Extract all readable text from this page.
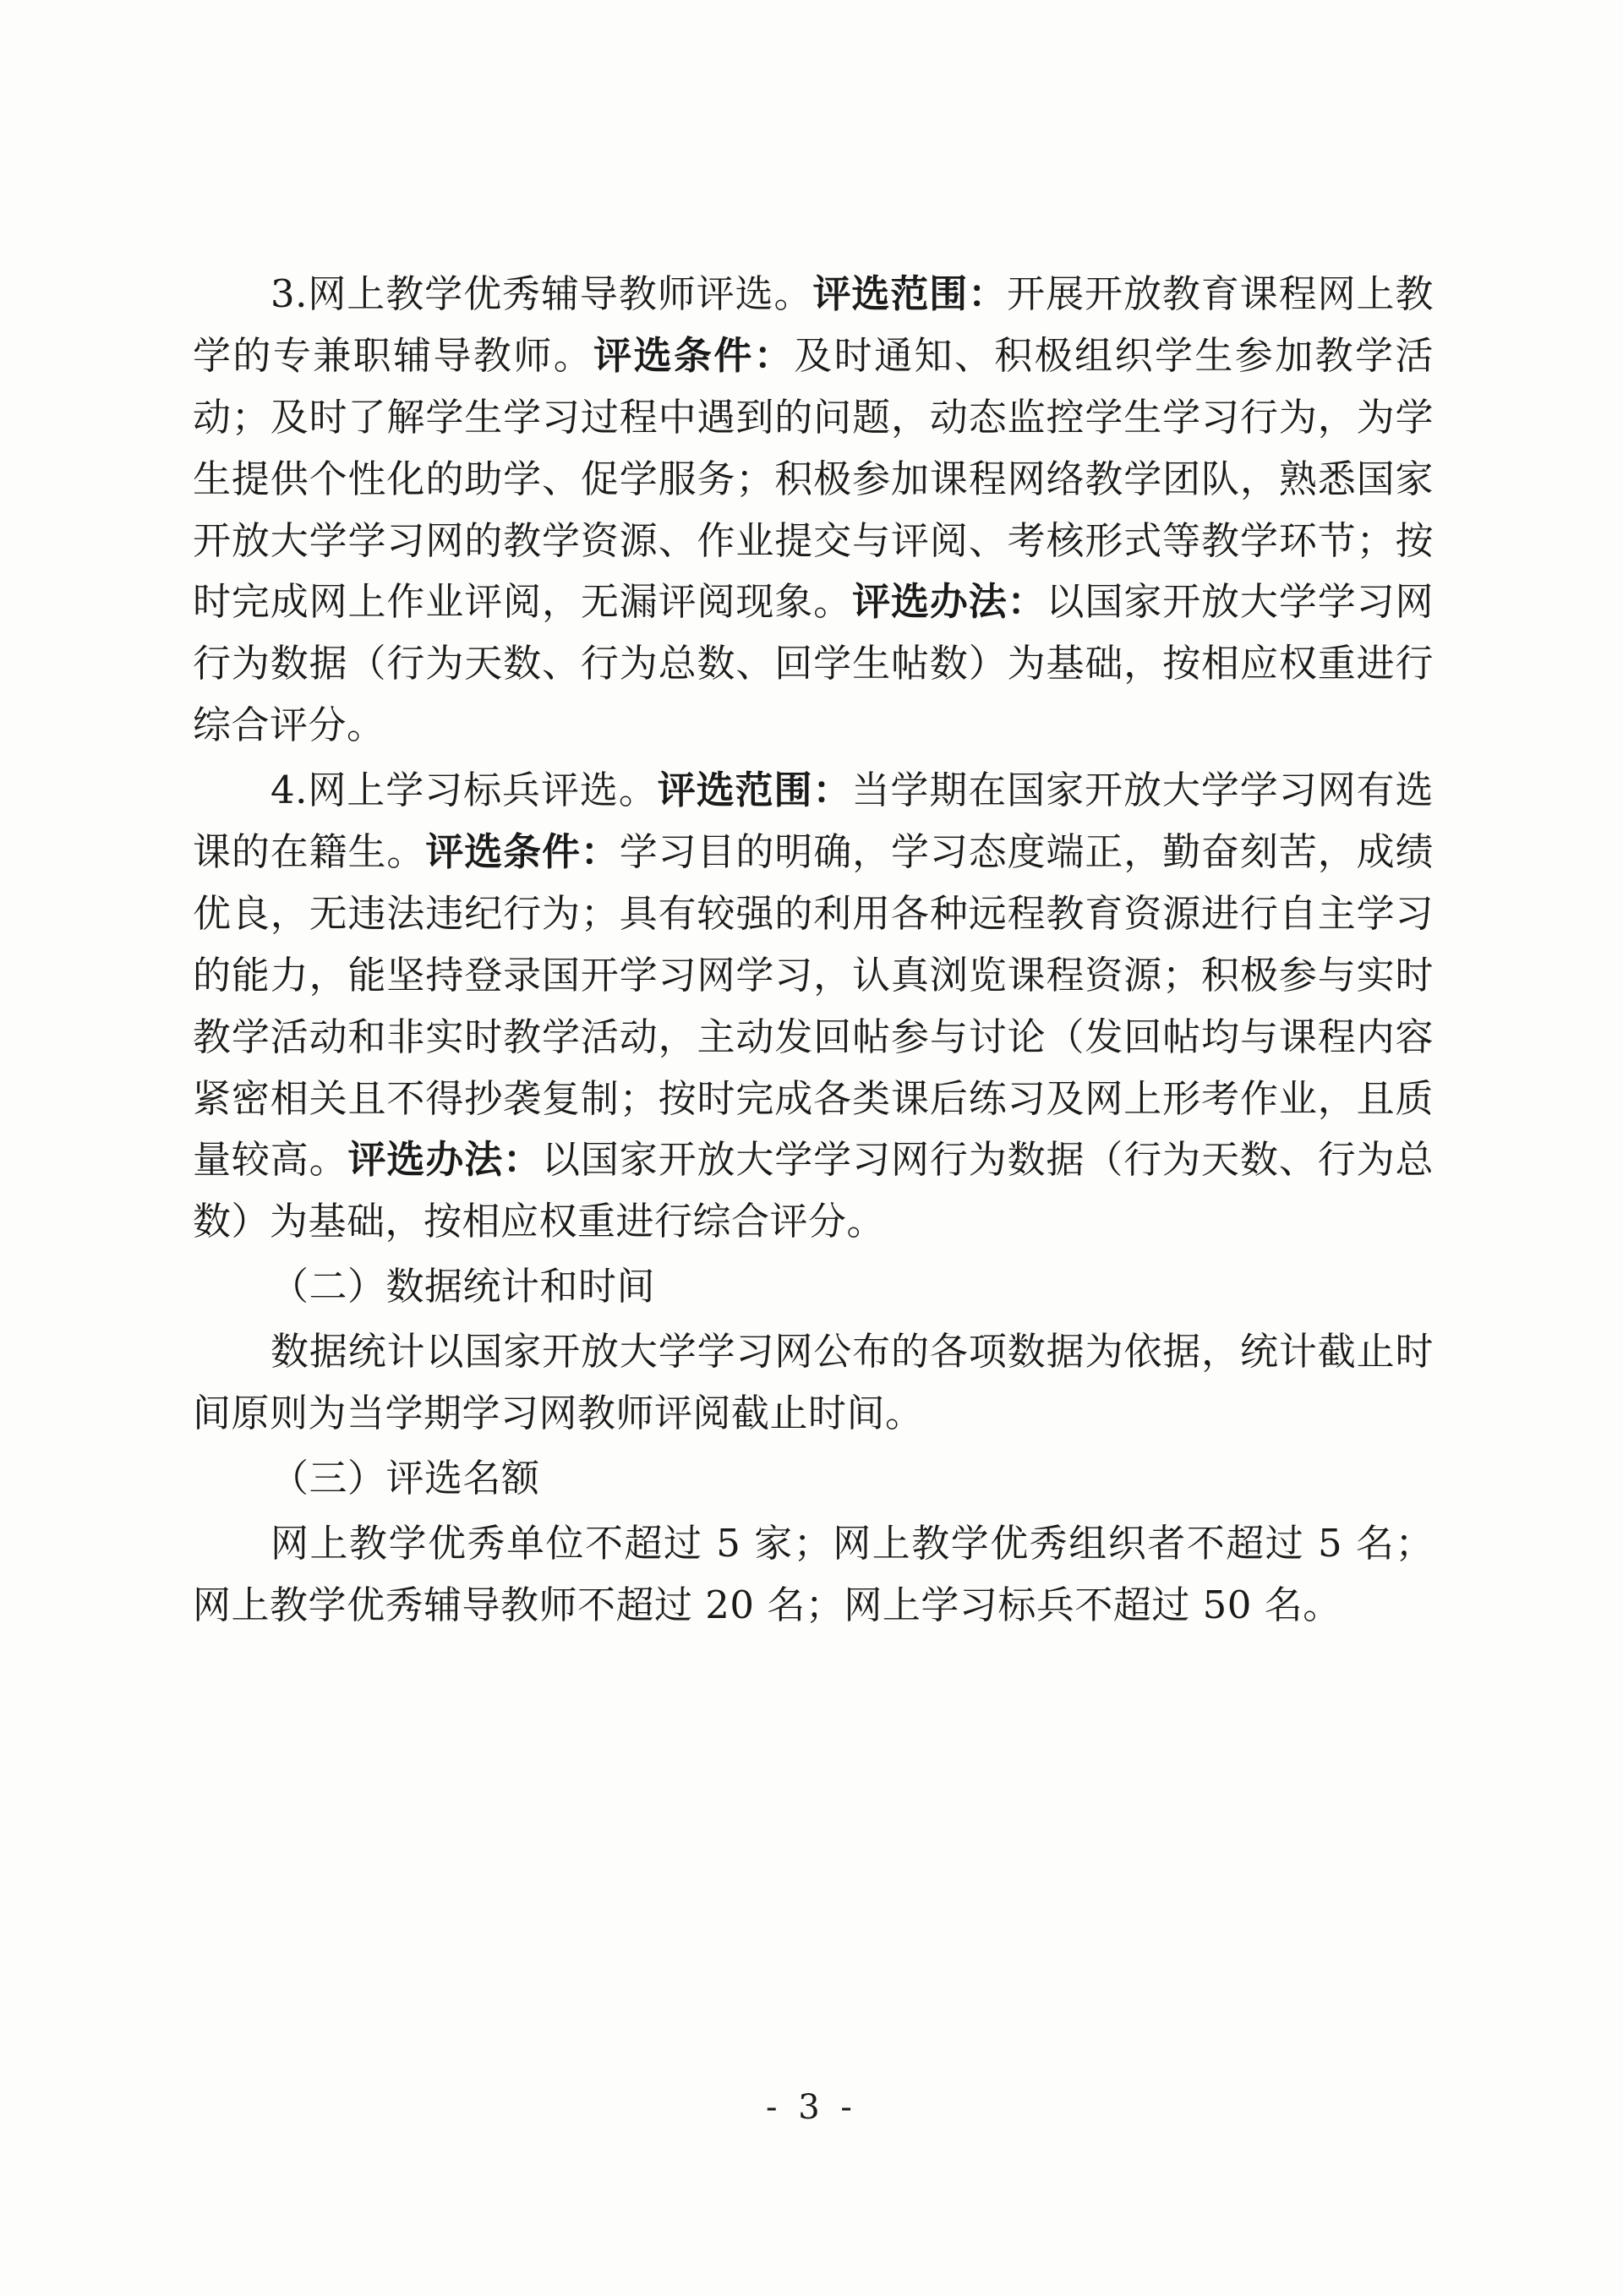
3.网上教学优秀辅导教师评选。评选范围：开展开放教育课程网上教学的专兼职辅导教师。评选条件：及时通知、积极组织学生参加教学活动；及时了解学生学习过程中遇到的问题，动态监控学生学习行为，为学生提供个性化的助学、促学服务；积极参加课程网络教学团队，熟悉国家开放大学学习网的教学资源、作业提交与评阅、考核形式等教学环节；按时完成网上作业评阅，无漏评阅现象。评选办法：以国家开放大学学习网行为数据（行为天数、行为总数、回学生帖数）为基础，按相应权重进行综合评分。

4.网上学习标兵评选。评选范围：当学期在国家开放大学学习网有选课的在籍生。评选条件：学习目的明确，学习态度端正，勤奋刻苦，成绩优良，无违法违纪行为；具有较强的利用各种远程教育资源进行自主学习的能力，能坚持登录国开学习网学习，认真浏览课程资源；积极参与实时教学活动和非实时教学活动，主动发回帖参与讨论（发回帖均与课程内容紧密相关且不得抄袭复制；按时完成各类课后练习及网上形考作业，且质量较高。评选办法：以国家开放大学学习网行为数据（行为天数、行为总数）为基础，按相应权重进行综合评分。

（二）数据统计和时间

数据统计以国家开放大学学习网公布的各项数据为依据，统计截止时间原则为当学期学习网教师评阅截止时间。

（三）评选名额

网上教学优秀单位不超过 5 家；网上教学优秀组织者不超过 5 名；网上教学优秀辅导教师不超过 20 名；网上学习标兵不超过 50 名。

- 3 -
